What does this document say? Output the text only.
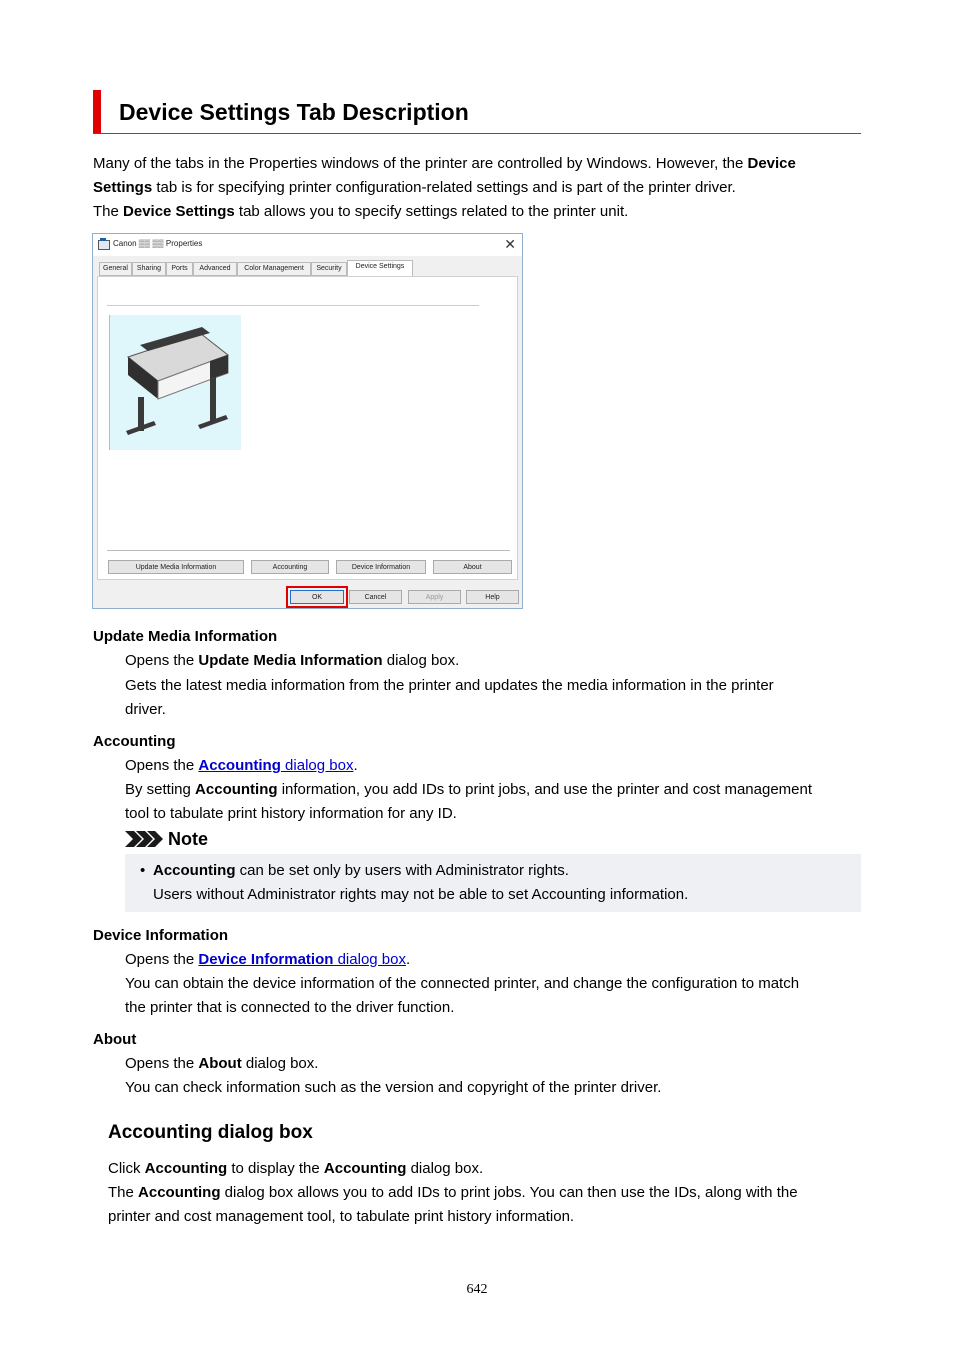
Device Settings Tab Description
Many of the tabs in the Properties windows of the printer are controlled by Windows. However, the Device
Settings tab is for specifying printer configuration-related settings and is part of the printer driver.
The Device Settings tab allows you to specify settings related to the printer unit.
Canon ▒▒ ▒▒ Properties	✕
General	Sharing	Ports	Advanced	Color Management	Security	Device Settings
Update Media Information	Accounting	Device Information	About
OK	Cancel	Apply	Help
Update Media Information
Opens the Update Media Information dialog box.
Gets the latest media information from the printer and updates the media information in the printer
driver.
Accounting
Opens the Accounting dialog box.
By setting Accounting information, you add IDs to print jobs, and use the printer and cost management
tool to tabulate print history information for any ID.
Note
• Accounting can be set only by users with Administrator rights.
Users without Administrator rights may not be able to set Accounting information.
Device Information
Opens the Device Information dialog box.
You can obtain the device information of the connected printer, and change the configuration to match
the printer that is connected to the driver function.
About
Opens the About dialog box.
You can check information such as the version and copyright of the printer driver.
Accounting dialog box
Click Accounting to display the Accounting dialog box.
The Accounting dialog box allows you to add IDs to print jobs. You can then use the IDs, along with the
printer and cost management tool, to tabulate print history information.
642
